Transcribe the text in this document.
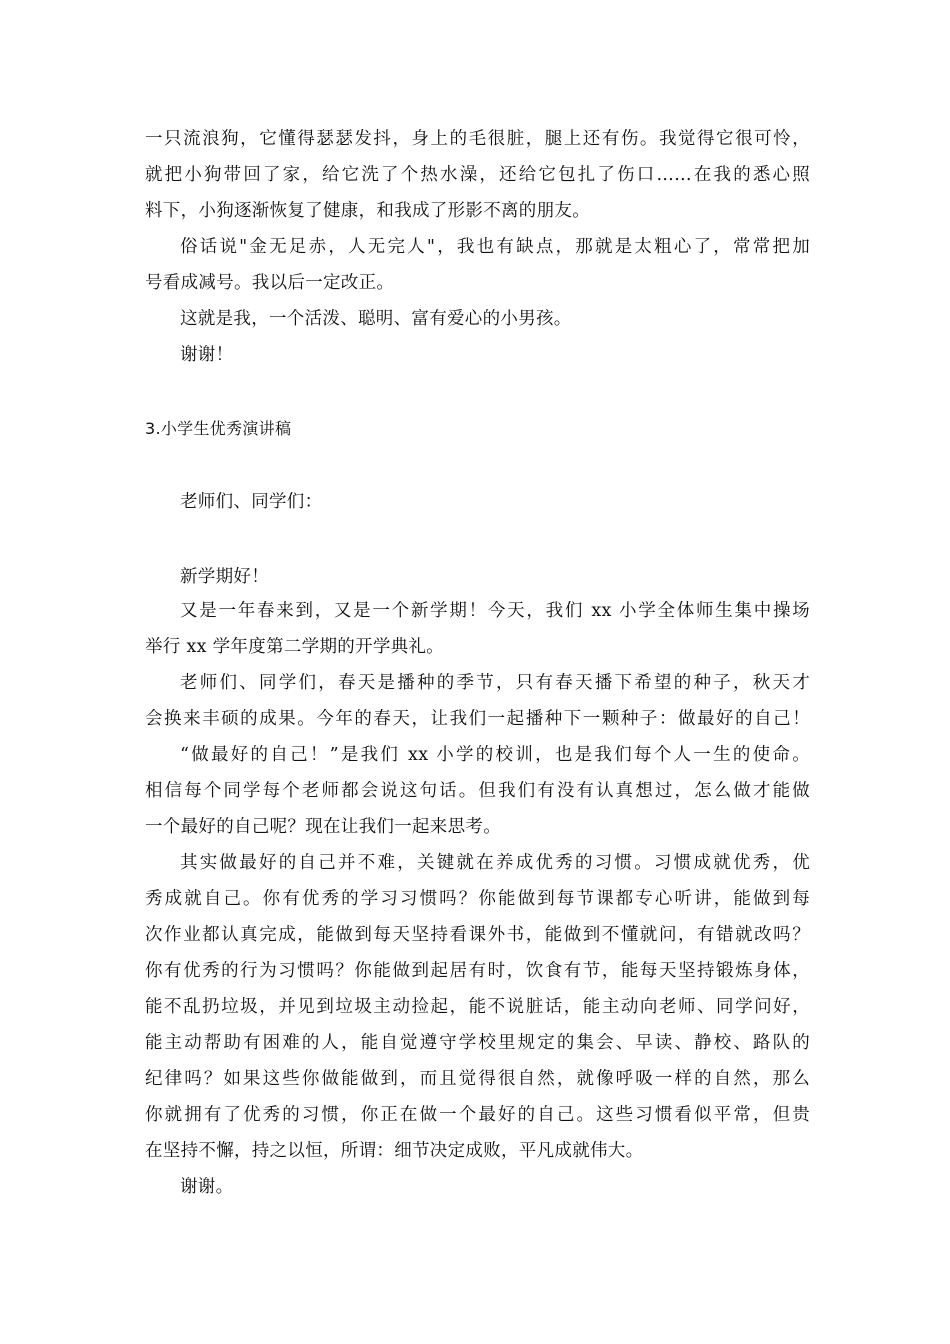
一只流浪狗，它懂得瑟瑟发抖，身上的毛很脏，腿上还有伤。我觉得它很可怜，
就把小狗带回了家，给它洗了个热水澡，还给它包扎了伤口……在我的悉心照
料下，小狗逐渐恢复了健康，和我成了形影不离的朋友。
俗话说"金无足赤，人无完人"，我也有缺点，那就是太粗心了，常常把加
号看成减号。我以后一定改正。
这就是我，一个活泼、聪明、富有爱心的小男孩。
谢谢！
3.小学生优秀演讲稿
老师们、同学们：
新学期好！
又是一年春来到，又是一个新学期！今天，我们 xx 小学全体师生集中操场
举行 xx 学年度第二学期的开学典礼。
老师们、同学们，春天是播种的季节，只有春天播下希望的种子，秋天才
会换来丰硕的成果。今年的春天，让我们一起播种下一颗种子：做最好的自己！
“做最好的自己！”是我们 xx 小学的校训，也是我们每个人一生的使命。
相信每个同学每个老师都会说这句话。但我们有没有认真想过，怎么做才能做
一个最好的自己呢？现在让我们一起来思考。
其实做最好的自己并不难，关键就在养成优秀的习惯。习惯成就优秀，优
秀成就自己。你有优秀的学习习惯吗？你能做到每节课都专心听讲，能做到每
次作业都认真完成，能做到每天坚持看课外书，能做到不懂就问，有错就改吗？
你有优秀的行为习惯吗？你能做到起居有时，饮食有节，能每天坚持锻炼身体，
能不乱扔垃圾，并见到垃圾主动捡起，能不说脏话，能主动向老师、同学问好，
能主动帮助有困难的人，能自觉遵守学校里规定的集会、早读、静校、路队的
纪律吗？如果这些你做能做到，而且觉得很自然，就像呼吸一样的自然，那么
你就拥有了优秀的习惯，你正在做一个最好的自己。这些习惯看似平常，但贵
在坚持不懈，持之以恒，所谓：细节决定成败，平凡成就伟大。
谢谢。
